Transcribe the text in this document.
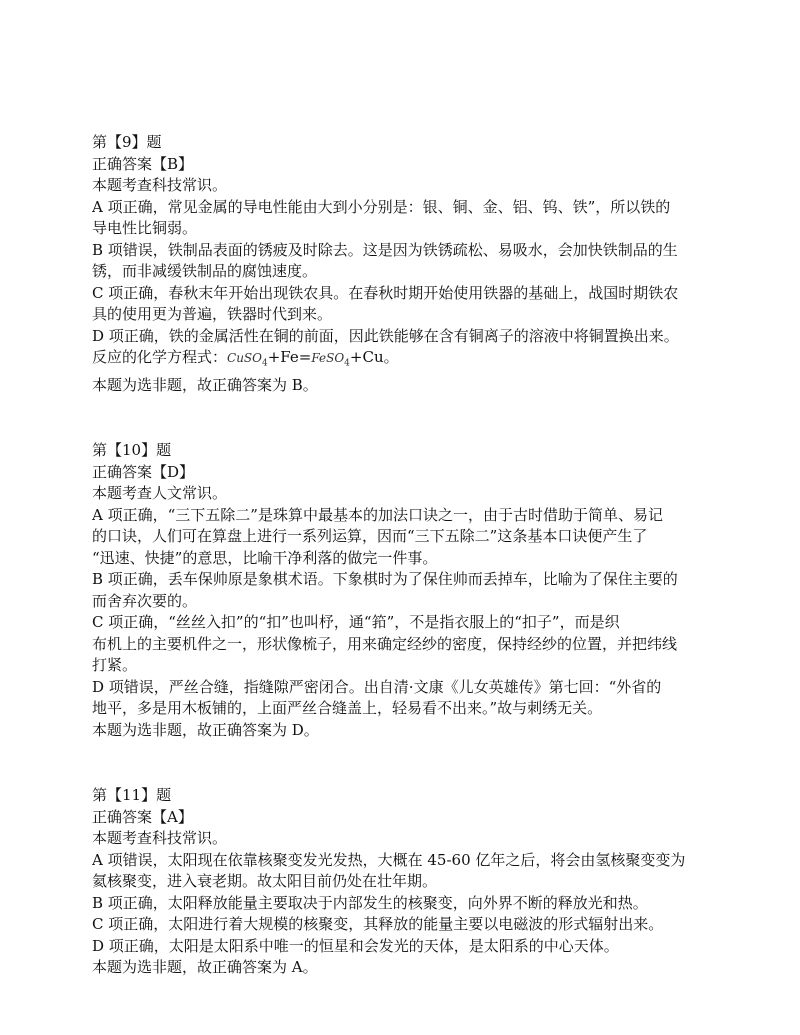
第【9】题
正确答案【B】
本题考查科技常识。
A 项正确，常见金属的导电性能由大到小分别是：银、铜、金、铝、钨、铁”，所以铁的
导电性比铜弱。
B 项错误，铁制品表面的锈疲及时除去。这是因为铁锈疏松、易吸水，会加快铁制品的生
锈，而非减缓铁制品的腐蚀速度。
C 项正确，春秋末年开始出现铁农具。在春秋时期开始使用铁器的基础上，战国时期铁农
具的使用更为普遍，铁器时代到来。
D 项正确，铁的金属活性在铜的前面，因此铁能够在含有铜离子的溶液中将铜置换出来。
反应的化学方程式：CuSO$_4$+Fe=FeSO$_4$+Cu。
本题为选非题，故正确答案为 B。
第【10】题
正确答案【D】
本题考查人文常识。
A 项正确，“三下五除二”是珠算中最基本的加法口诀之一，由于古时借助于简单、易记
的口诀，人们可在算盘上进行一系列运算，因而“三下五除二”这条基本口诀便产生了
“迅速、快捷”的意思，比喻干净利落的做完一件事。
B 项正确，丢车保帅原是象棋术语。下象棋时为了保住帅而丢掉车，比喻为了保住主要的
而舍弃次要的。
C 项正确，“丝丝入扣”的“扣”也叫杼，通“筘”，不是指衣服上的“扣子”，而是织
布机上的主要机件之一，形状像梳子，用来确定经纱的密度，保持经纱的位置，并把纬线
打紧。
D 项错误，严丝合缝，指缝隙严密闭合。出自清·文康《儿女英雄传》第七回：“外省的
地平，多是用木板铺的，上面严丝合缝盖上，轻易看不出来。”故与刺绣无关。
本题为选非题，故正确答案为 D。
第【11】题
正确答案【A】
本题考查科技常识。
A 项错误，太阳现在依靠核聚变发光发热，大概在 45-60 亿年之后，将会由氢核聚变变为
氦核聚变，进入衰老期。故太阳目前仍处在壮年期。
B 项正确，太阳释放能量主要取决于内部发生的核聚变，向外界不断的释放光和热。
C 项正确，太阳进行着大规模的核聚变，其释放的能量主要以电磁波的形式辐射出来。
D 项正确，太阳是太阳系中唯一的恒星和会发光的天体，是太阳系的中心天体。
本题为选非题，故正确答案为 A。
